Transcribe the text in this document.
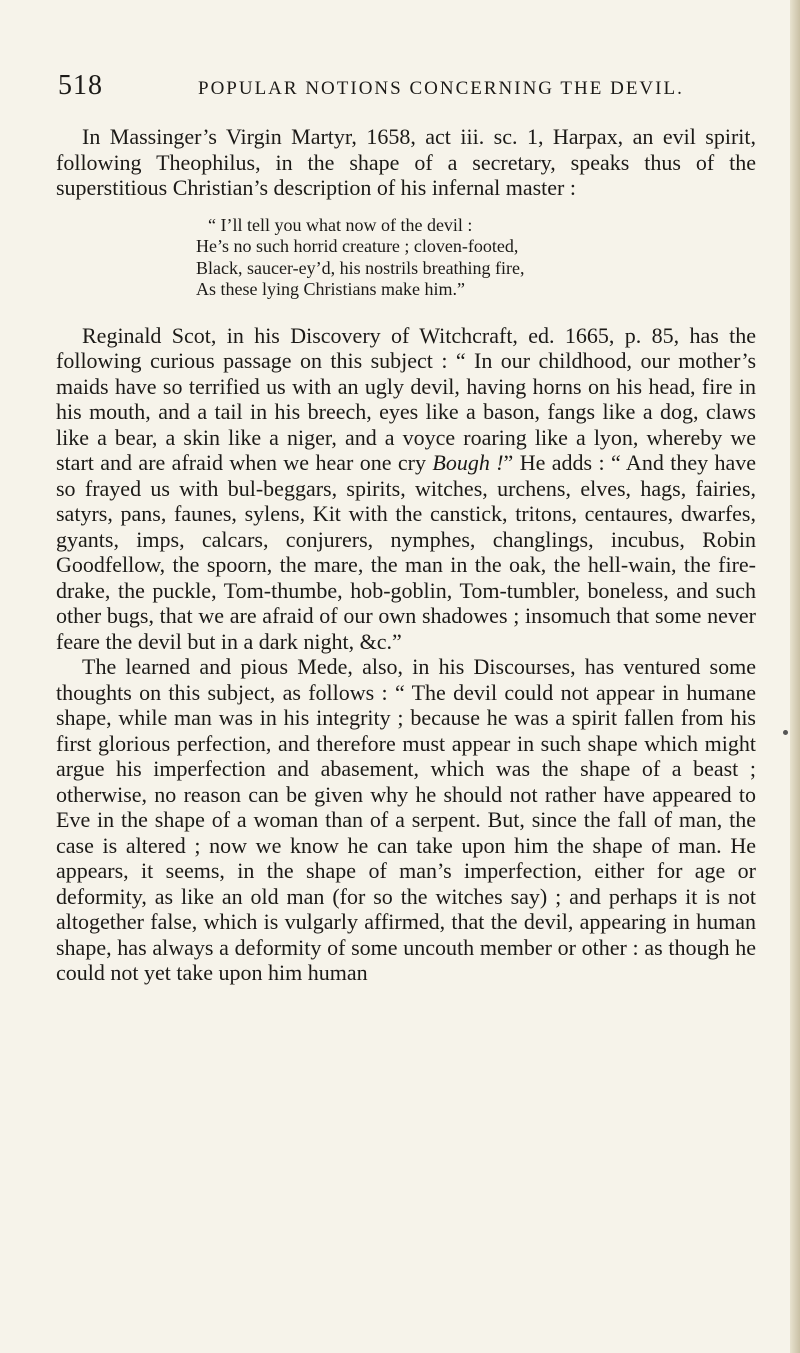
518	POPULAR NOTIONS CONCERNING THE DEVIL.

In Massinger’s Virgin Martyr, 1658, act iii. sc. 1, Harpax, an evil spirit, following Theophilus, in the shape of a secretary, speaks thus of the superstitious Christian’s description of his infernal master :

“ I’ll tell you what now of the devil :
He’s no such horrid creature ; cloven-footed,
Black, saucer-ey’d, his nostrils breathing fire,
As these lying Christians make him.”

Reginald Scot, in his Discovery of Witchcraft, ed. 1665, p. 85, has the following curious passage on this subject : “ In our childhood, our mother’s maids have so terrified us with an ugly devil, having horns on his head, fire in his mouth, and a tail in his breech, eyes like a bason, fangs like a dog, claws like a bear, a skin like a niger, and a voyce roaring like a lyon, whereby we start and are afraid when we hear one cry Bough !” He adds : “ And they have so frayed us with bul-beggars, spirits, witches, urchens, elves, hags, fairies, satyrs, pans, faunes, sylens, Kit with the canstick, tritons, centaures, dwarfes, gyants, imps, calcars, conjurers, nymphes, changlings, incubus, Robin Goodfellow, the spoorn, the mare, the man in the oak, the hell-wain, the fire-drake, the puckle, Tom-thumbe, hob-goblin, Tom-tumbler, boneless, and such other bugs, that we are afraid of our own shadowes ; insomuch that some never feare the devil but in a dark night, &c.”

The learned and pious Mede, also, in his Discourses, has ventured some thoughts on this subject, as follows : “ The devil could not appear in humane shape, while man was in his integrity ; because he was a spirit fallen from his first glorious perfection, and therefore must appear in such shape which might argue his imperfection and abasement, which was the shape of a beast ; otherwise, no reason can be given why he should not rather have appeared to Eve in the shape of a woman than of a serpent. But, since the fall of man, the case is altered ; now we know he can take upon him the shape of man. He appears, it seems, in the shape of man’s imperfection, either for age or deformity, as like an old man (for so the witches say) ; and perhaps it is not altogether false, which is vulgarly affirmed, that the devil, appearing in human shape, has always a deformity of some uncouth member or other : as though he could not yet take upon him human
